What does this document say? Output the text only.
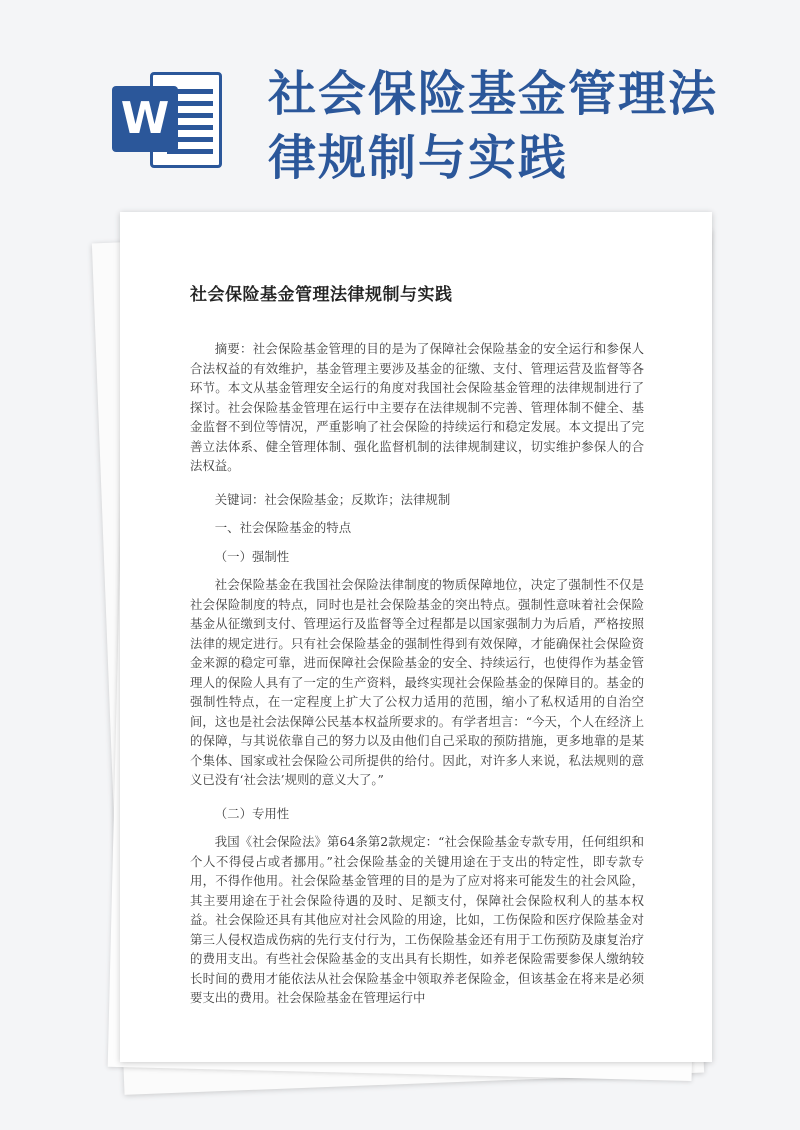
W 社会保险基金管理法律规制与实践
社会保险基金管理法律规制与实践

摘要：社会保险基金管理的目的是为了保障社会保险基金的安全运行和参保人合法权益的有效维护，基金管理主要涉及基金的征缴、支付、管理运营及监督等各环节。本文从基金管理安全运行的角度对我国社会保险基金管理的法律规制进行了探讨。社会保险基金管理在运行中主要存在法律规制不完善、管理体制不健全、基金监督不到位等情况，严重影响了社会保险的持续运行和稳定发展。本文提出了完善立法体系、健全管理体制、强化监督机制的法律规制建议，切实维护参保人的合法权益。

关键词：社会保险基金；反欺诈；法律规制

一、社会保险基金的特点

（一）强制性

社会保险基金在我国社会保险法律制度的物质保障地位，决定了强制性不仅是社会保险制度的特点，同时也是社会保险基金的突出特点。强制性意味着社会保险基金从征缴到支付、管理运行及监督等全过程都是以国家强制力为后盾，严格按照法律的规定进行。只有社会保险基金的强制性得到有效保障，才能确保社会保险资金来源的稳定可靠，进而保障社会保险基金的安全、持续运行，也使得作为基金管理人的保险人具有了一定的生产资料，最终实现社会保险基金的保障目的。基金的强制性特点，在一定程度上扩大了公权力适用的范围，缩小了私权适用的自治空间，这也是社会法保障公民基本权益所要求的。有学者坦言：“今天，个人在经济上的保障，与其说依靠自己的努力以及由他们自己采取的预防措施，更多地靠的是某个集体、国家或社会保险公司所提供的给付。因此，对许多人来说，私法规则的意义已没有‘社会法’规则的意义大了。”

（二）专用性

我国《社会保险法》第64条第2款规定：“社会保险基金专款专用，任何组织和个人不得侵占或者挪用。”社会保险基金的关键用途在于支出的特定性，即专款专用，不得作他用。社会保险基金管理的目的是为了应对将来可能发生的社会风险，其主要用途在于社会保险待遇的及时、足额支付，保障社会保险权利人的基本权益。社会保险还具有其他应对社会风险的用途，比如，工伤保险和医疗保险基金对第三人侵权造成伤病的先行支付行为，工伤保险基金还有用于工伤预防及康复治疗的费用支出。有些社会保险基金的支出具有长期性，如养老保险需要参保人缴纳较长时间的费用才能依法从社会保险基金中领取养老保险金，但该基金在将来是必须要支出的费用。社会保险基金在管理运行中
